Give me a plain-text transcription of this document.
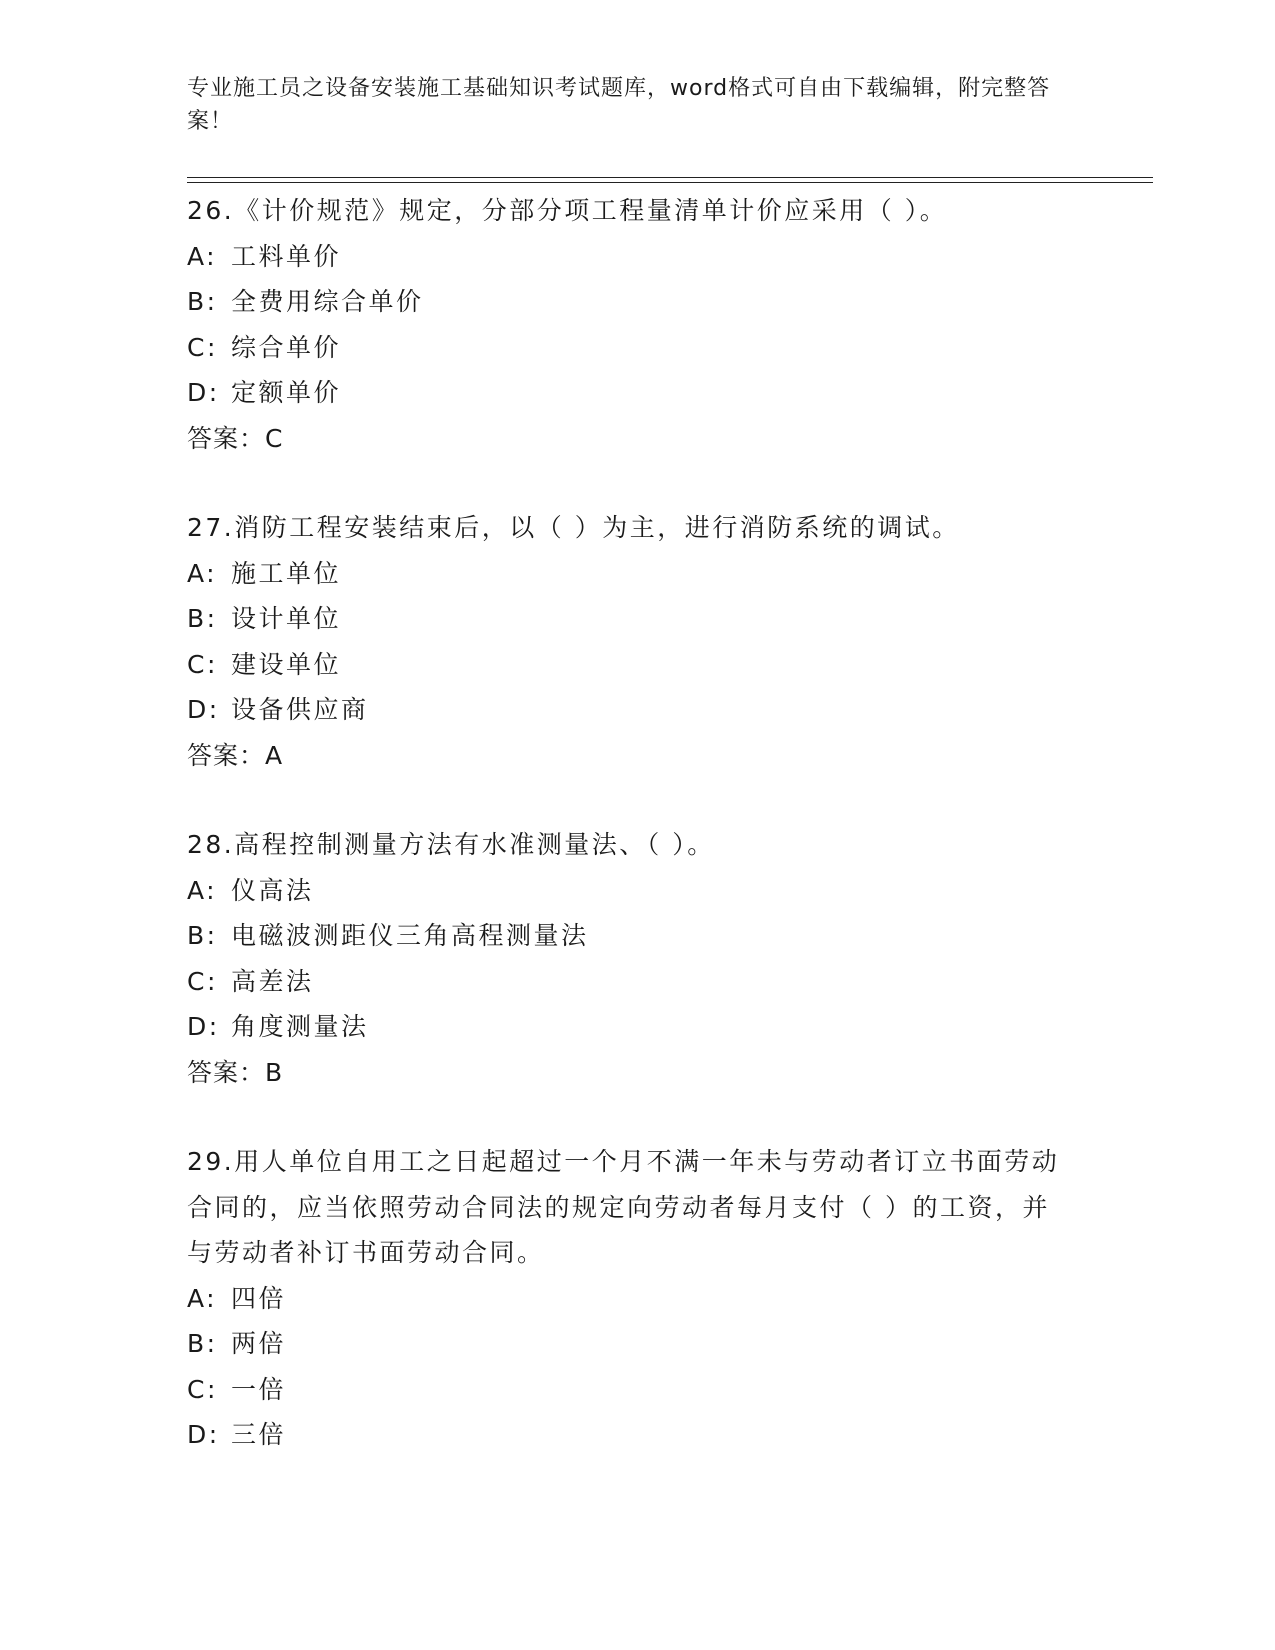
专业施工员之设备安装施工基础知识考试题库，word格式可自由下载编辑，附完整答案！
26.《计价规范》规定，分部分项工程量清单计价应采用（ ）。
A: 工料单价
B: 全费用综合单价
C: 综合单价
D: 定额单价
答案：C
27.消防工程安装结束后，以（ ）为主，进行消防系统的调试。
A: 施工单位
B: 设计单位
C: 建设单位
D: 设备供应商
答案：A
28.高程控制测量方法有水准测量法、（ ）。
A: 仪高法
B: 电磁波测距仪三角高程测量法
C: 高差法
D: 角度测量法
答案：B
29.用人单位自用工之日起超过一个月不满一年未与劳动者订立书面劳动合同的，应当依照劳动合同法的规定向劳动者每月支付（ ）的工资，并与劳动者补订书面劳动合同。
A: 四倍
B: 两倍
C: 一倍
D: 三倍
